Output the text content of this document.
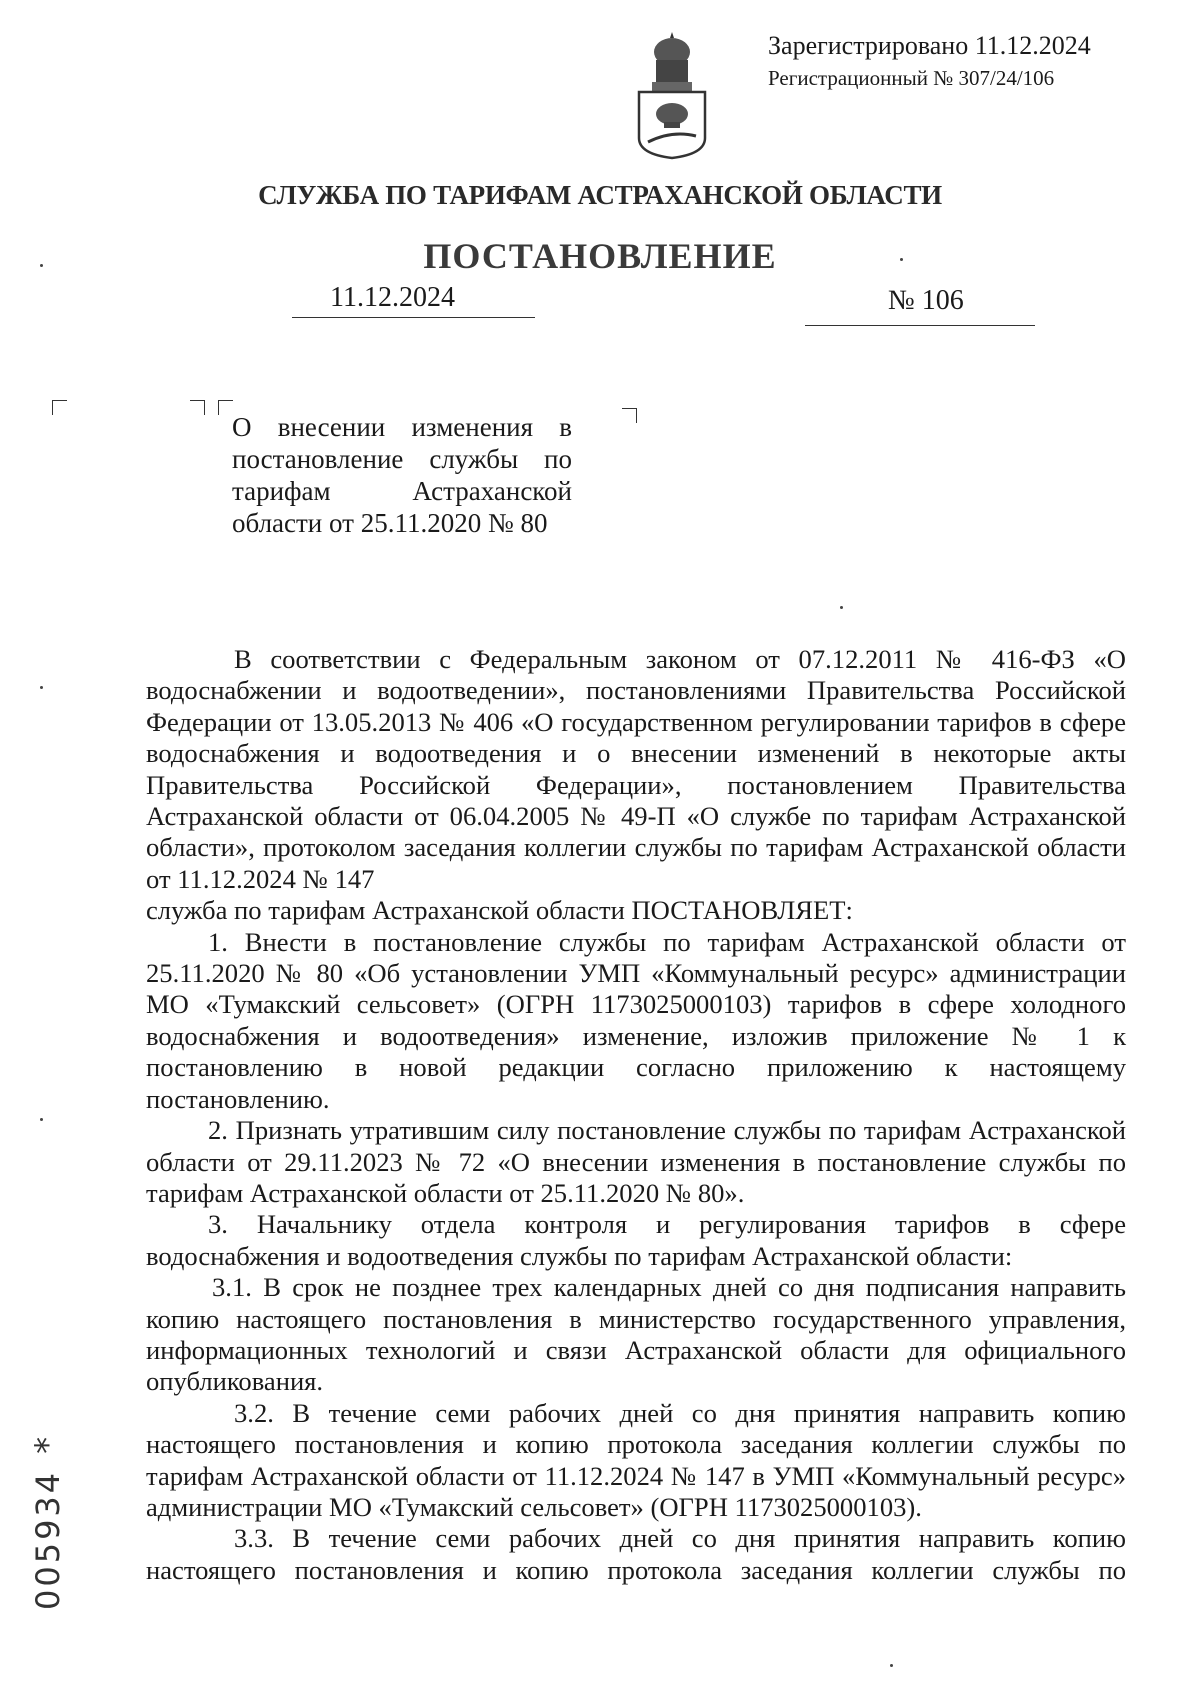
Зарегистрировано 11.12.2024
Регистрационный № 307/24/106
СЛУЖБА ПО ТАРИФАМ АСТРАХАНСКОЙ ОБЛАСТИ
ПОСТАНОВЛЕНИЕ
11.12.2024	№ 106
О внесении изменения в постановление службы по тарифам Астраханской области от 25.11.2020 № 80

В соответствии с Федеральным законом от 07.12.2011 № 416-ФЗ «О водоснабжении и водоотведении», постановлениями Правительства Российской Федерации от 13.05.2013 № 406 «О государственном регулировании тарифов в сфере водоснабжения и водоотведения и о внесении изменений в некоторые акты Правительства Российской Федерации», постановлением Правительства Астраханской области от 06.04.2005 № 49-П «О службе по тарифам Астраханской области», протоколом заседания коллегии службы по тарифам Астраханской области от 11.12.2024 № 147

служба по тарифам Астраханской области ПОСТАНОВЛЯЕТ:

1. Внести в постановление службы по тарифам Астраханской области от 25.11.2020 № 80 «Об установлении УМП «Коммунальный ресурс» администрации МО «Тумакский сельсовет» (ОГРН 1173025000103) тарифов в сфере холодного водоснабжения и водоотведения» изменение, изложив приложение № 1 к постановлению в новой редакции согласно приложению к настоящему постановлению.

2. Признать утратившим силу постановление службы по тарифам Астраханской области от 29.11.2023 № 72 «О внесении изменения в постановление службы по тарифам Астраханской области от 25.11.2020 № 80».

3. Начальнику отдела контроля и регулирования тарифов в сфере водоснабжения и водоотведения службы по тарифам Астраханской области:

3.1. В срок не позднее трех календарных дней со дня подписания направить копию настоящего постановления в министерство государственного управления, информационных технологий и связи Астраханской области для официального опубликования.

3.2. В течение семи рабочих дней со дня принятия направить копию настоящего постановления и копию протокола заседания коллегии службы по тарифам Астраханской области от 11.12.2024 № 147 в УМП «Коммунальный ресурс» администрации МО «Тумакский сельсовет» (ОГРН 1173025000103).

3.3. В течение семи рабочих дней со дня принятия направить копию настоящего постановления и копию протокола заседания коллегии службы по

005934*
